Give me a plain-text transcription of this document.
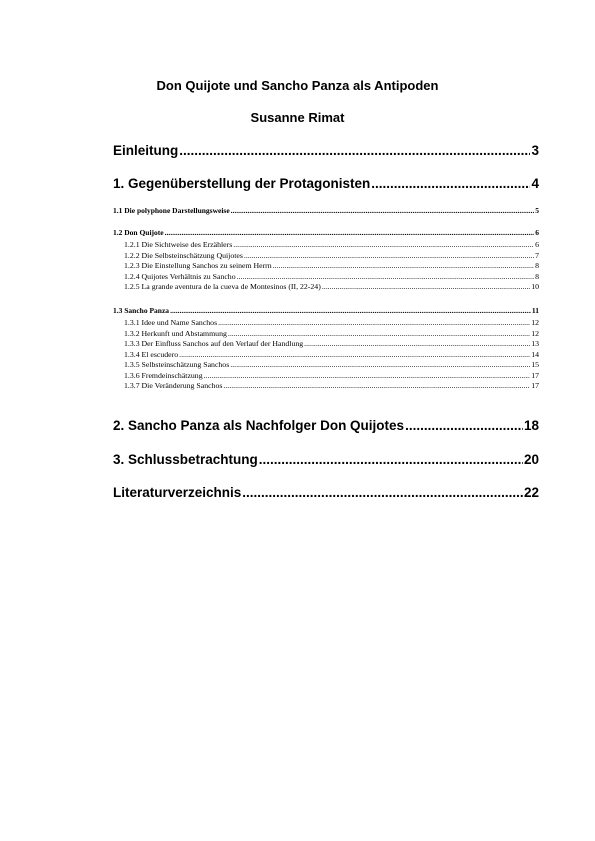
Don Quijote und Sancho Panza als Antipoden
Susanne Rimat
Einleitung .....	3
1. Gegenüberstellung der Protagonisten .....	4
1.1 Die polyphone Darstellungsweise .....	5
1.2 Don Quijote .....	6
1.2.1 Die Sichtweise des Erzählers .....	6
1.2.2 Die Selbsteinschätzung Quijotes .....	7
1.2.3 Die Einstellung Sanchos zu seinem Herrn .....	8
1.2.4 Quijotes Verhältnis zu Sancho .....	8
1.2.5 La grande aventura de la cueva de Montesinos (II, 22-24) .....	10
1.3 Sancho Panza .....	11
1.3.1 Idee und Name Sanchos .....	12
1.3.2 Herkunft und Abstammung .....	12
1.3.3 Der Einfluss Sanchos auf den Verlauf der Handlung .....	13
1.3.4 El escudero .....	14
1.3.5 Selbsteinschätzung Sanchos .....	15
1.3.6 Fremdeinschätzung .....	17
1.3.7 Die Veränderung Sanchos .....	17
2. Sancho Panza als Nachfolger Don Quijotes .....	18
3. Schlussbetrachtung .....	20
Literaturverzeichnis .....	22
